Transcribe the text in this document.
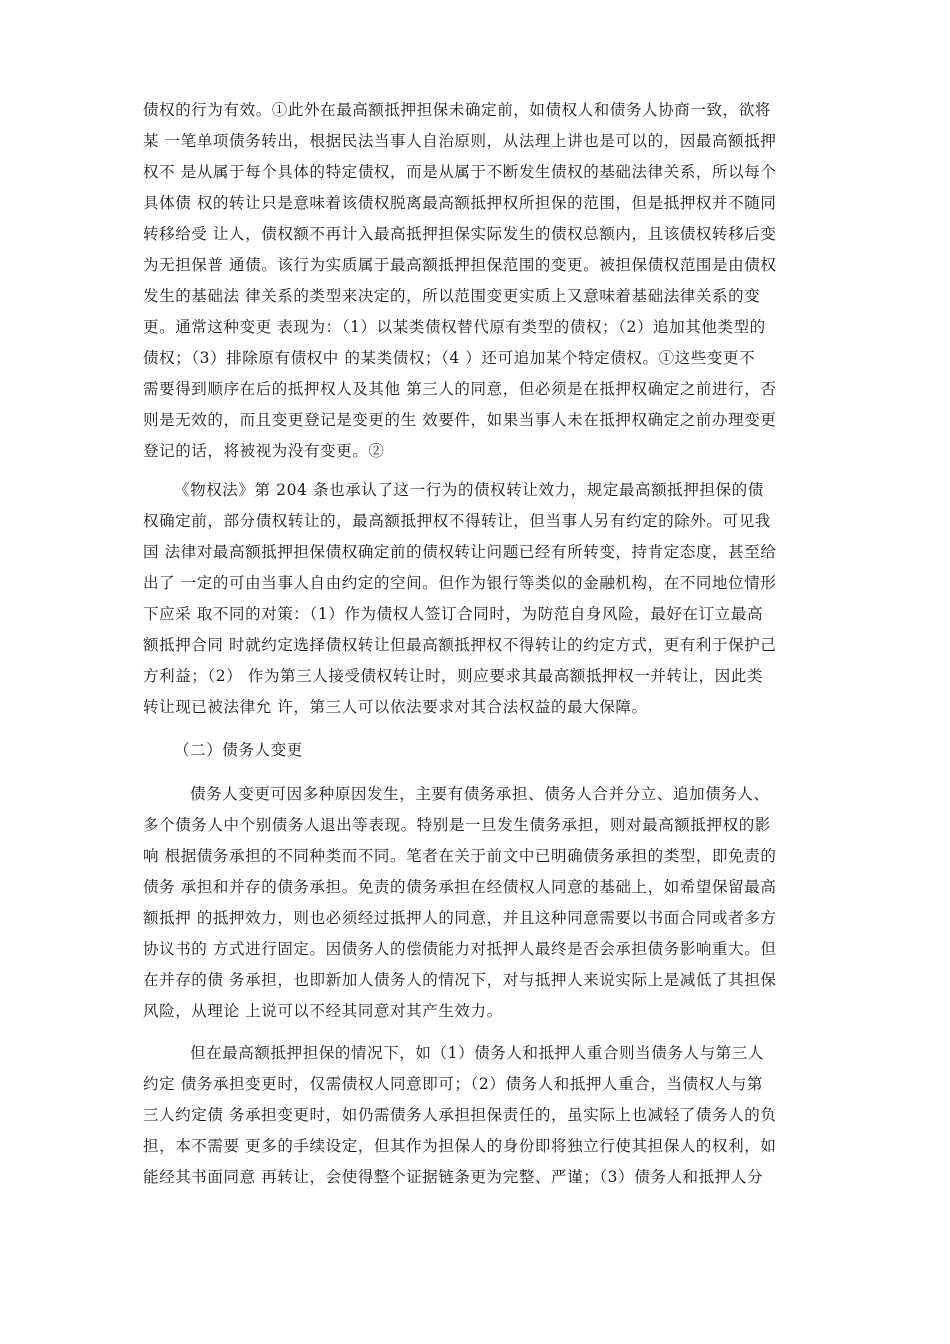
债权的行为有效。①此外在最高额抵押担保未确定前，如债权人和债务人协商一致，欲将
某 一笔单项债务转出，根据民法当事人自治原则，从法理上讲也是可以的，因最高额抵押
权不 是从属于每个具体的特定债权，而是从属于不断发生债权的基础法律关系，所以每个
具体债 权的转让只是意味着该债权脱离最高额抵押权所担保的范围，但是抵押权并不随同
转移给受 让人，债权额不再计入最高抵押担保实际发生的债权总额内，且该债权转移后变
为无担保普 通债。该行为实质属于最高额抵押担保范围的变更。被担保债权范围是由债权
发生的基础法 律关系的类型来决定的，所以范围变更实质上又意味着基础法律关系的变
更。通常这种变更 表现为：（1）以某类债权替代原有类型的债权；（2）追加其他类型的
债权；（3）排除原有债权中 的某类债权；（4 ）还可追加某个特定债权。①这些变更不
需要得到顺序在后的抵押权人及其他 第三人的同意，但必须是在抵押权确定之前进行，否
则是无效的，而且变更登记是变更的生 效要件，如果当事人未在抵押权确定之前办理变更
登记的话，将被视为没有变更。②
《物权法》第 204 条也承认了这一行为的债权转让效力，规定最高额抵押担保的债
权确定前，部分债权转让的，最高额抵押权不得转让，但当事人另有约定的除外。可见我
国 法律对最高额抵押担保债权确定前的债权转让问题已经有所转变，持肯定态度，甚至给
出了 一定的可由当事人自由约定的空间。但作为银行等类似的金融机构，在不同地位情形
下应采 取不同的对策：（1）作为债权人签订合同时，为防范自身风险，最好在订立最高
额抵押合同 时就约定选择债权转让但最高额抵押权不得转让的约定方式，更有利于保护己
方利益；（2） 作为第三人接受债权转让时，则应要求其最高额抵押权一并转让，因此类
转让现已被法律允 许，第三人可以依法要求对其合法权益的最大保障。
（二）债务人变更
债务人变更可因多种原因发生，主要有债务承担、债务人合并分立、追加债务人、
多个债务人中个别债务人退出等表现。特别是一旦发生债务承担，则对最高额抵押权的影
响 根据债务承担的不同种类而不同。笔者在关于前文中已明确债务承担的类型，即免责的
债务 承担和并存的债务承担。免责的债务承担在经债权人同意的基础上，如希望保留最高
额抵押 的抵押效力，则也必须经过抵押人的同意，并且这种同意需要以书面合同或者多方
协议书的 方式进行固定。因债务人的偿债能力对抵押人最终是否会承担债务影响重大。但
在并存的债 务承担，也即新加人债务人的情况下，对与抵押人来说实际上是减低了其担保
风险，从理论 上说可以不经其同意对其产生效力。
但在最高额抵押担保的情况下，如（1）债务人和抵押人重合则当债务人与第三人
约定 债务承担变更时，仅需债权人同意即可；（2）债务人和抵押人重合，当债权人与第
三人约定债 务承担变更时，如仍需债务人承担担保责任的，虽实际上也减轻了债务人的负
担，本不需要 更多的手续设定，但其作为担保人的身份即将独立行使其担保人的权利，如
能经其书面同意 再转让，会使得整个证据链条更为完整、严谨；（3）债务人和抵押人分
